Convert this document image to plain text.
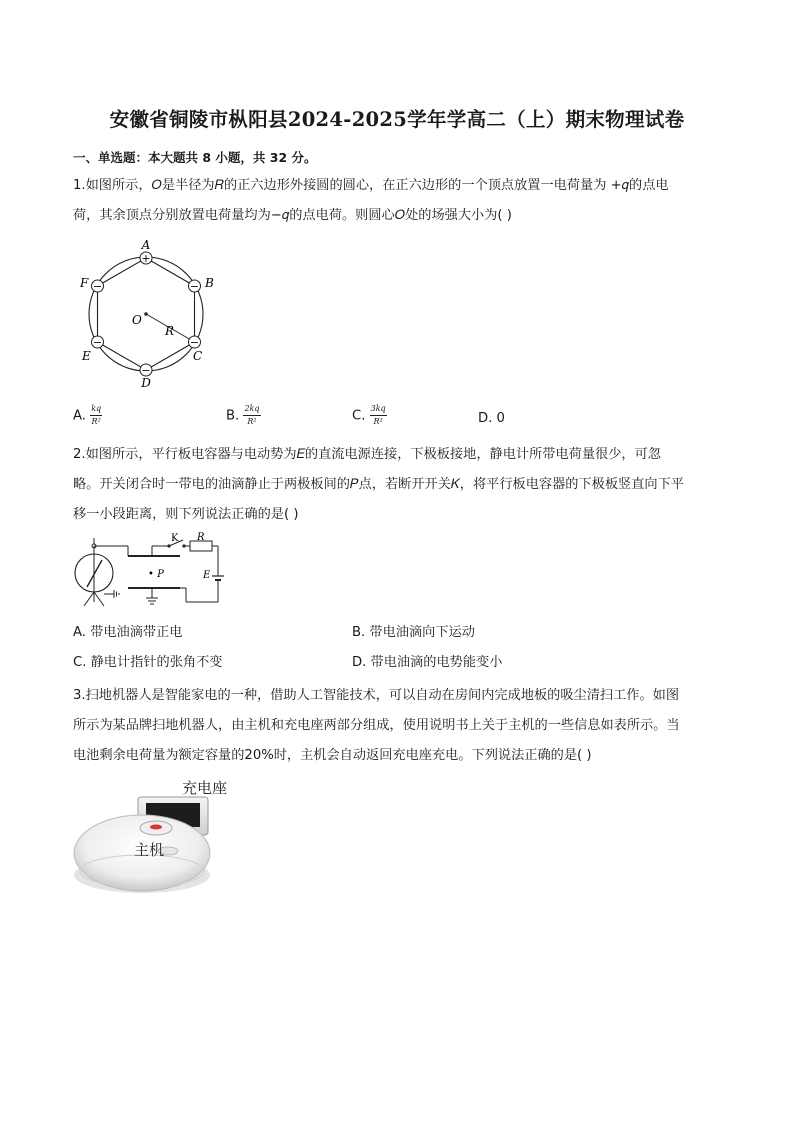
安徽省铜陵市枞阳县2024-2025学年学高二（上）期末物理试卷
一、单选题：本大题共 8 小题，共 32 分。
1.如图所示，𝑂是半径为𝑅的正六边形外接圆的圆心，在正六边形的一个顶点放置一电荷量为 +𝑞的点电
荷，其余顶点分别放置电荷量均为−𝑞的点电荷。则圆心𝑂处的场强大小为( )
+
−
−
−
−
−
A
B
C
D
E
F
O
R
A. $\frac{kq}{\text{R²}}$	B. $\frac{2kq}{\text{R²}}$	C. $\frac{3kq}{\text{R²}}$	D. 0
2.如图所示，平行板电容器与电动势为𝐸的直流电源连接，下极板接地，静电计所带电荷量很少，可忽
略。开关闭合时一带电的油滴静止于两极板间的𝑃点，若断开开关𝐾，将平行板电容器的下极板竖直向下平
移一小段距离，则下列说法正确的是( )
K R
E
• P
A. 带电油滴带正电	B. 带电油滴向下运动
C. 静电计指针的张角不变	D. 带电油滴的电势能变小
3.扫地机器人是智能家电的一种，借助人工智能技术，可以自动在房间内完成地板的吸尘清扫工作。如图
所示为某品牌扫地机器人，由主机和充电座两部分组成，使用说明书上关于主机的一些信息如表所示。当
电池剩余电荷量为额定容量的20%时，主机会自动返回充电座充电。下列说法正确的是( )
充电座
主机
